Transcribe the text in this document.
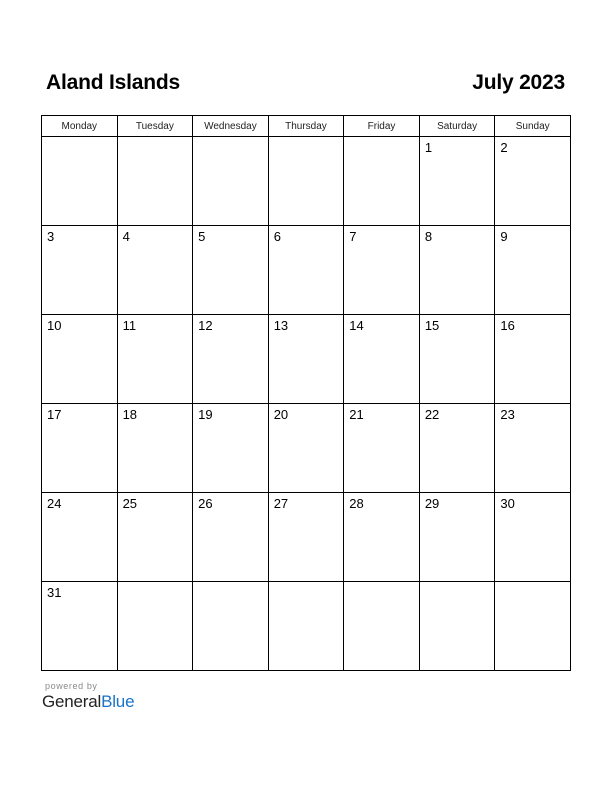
Aland Islands	July 2023
Monday	Tuesday	Wednesday	Thursday	Friday	Saturday	Sunday

					1	2

3	4	5	6	7	8	9

10	11	12	13	14	15	16

17	18	19	20	21	22	23

24	25	26	27	28	29	30

31						

powered by
GeneralBlue
